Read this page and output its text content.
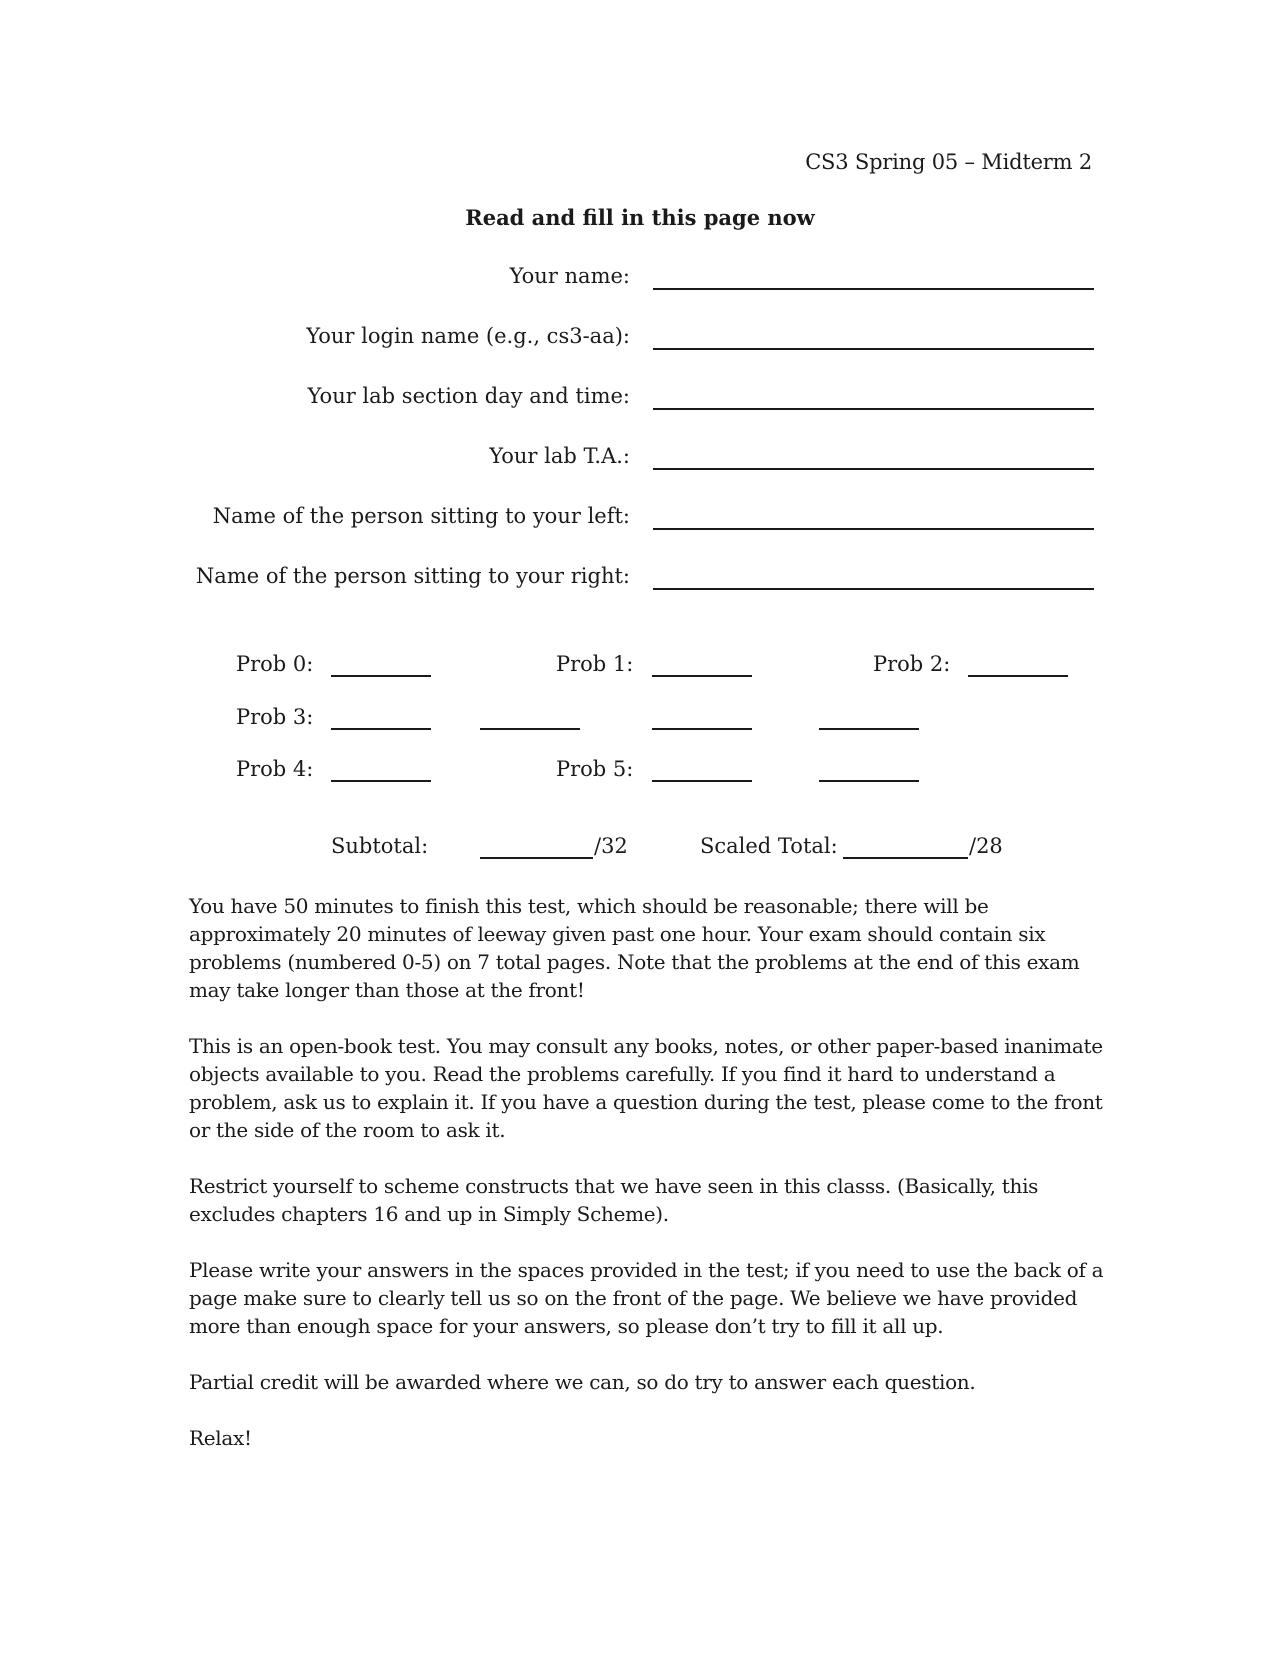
CS3 Spring 05 – Midterm 2
Read and fill in this page now
Your name:
Your login name (e.g., cs3-aa):
Your lab section day and time:
Your lab T.A.:
Name of the person sitting to your left:
Name of the person sitting to your right:
Prob 0:	Prob 1:	Prob 2:
Prob 3:
Prob 4:	Prob 5:
Subtotal:	/32	Scaled Total:	/28

You have 50 minutes to finish this test, which should be reasonable; there will be approximately 20 minutes of leeway given past one hour. Your exam should contain six problems (numbered 0-5) on 7 total pages. Note that the problems at the end of this exam may take longer than those at the front!

This is an open-book test. You may consult any books, notes, or other paper-based inanimate objects available to you. Read the problems carefully. If you find it hard to understand a problem, ask us to explain it. If you have a question during the test, please come to the front or the side of the room to ask it.

Restrict yourself to scheme constructs that we have seen in this classs. (Basically, this excludes chapters 16 and up in Simply Scheme).

Please write your answers in the spaces provided in the test; if you need to use the back of a page make sure to clearly tell us so on the front of the page. We believe we have provided more than enough space for your answers, so please don’t try to fill it all up.

Partial credit will be awarded where we can, so do try to answer each question.

Relax!
